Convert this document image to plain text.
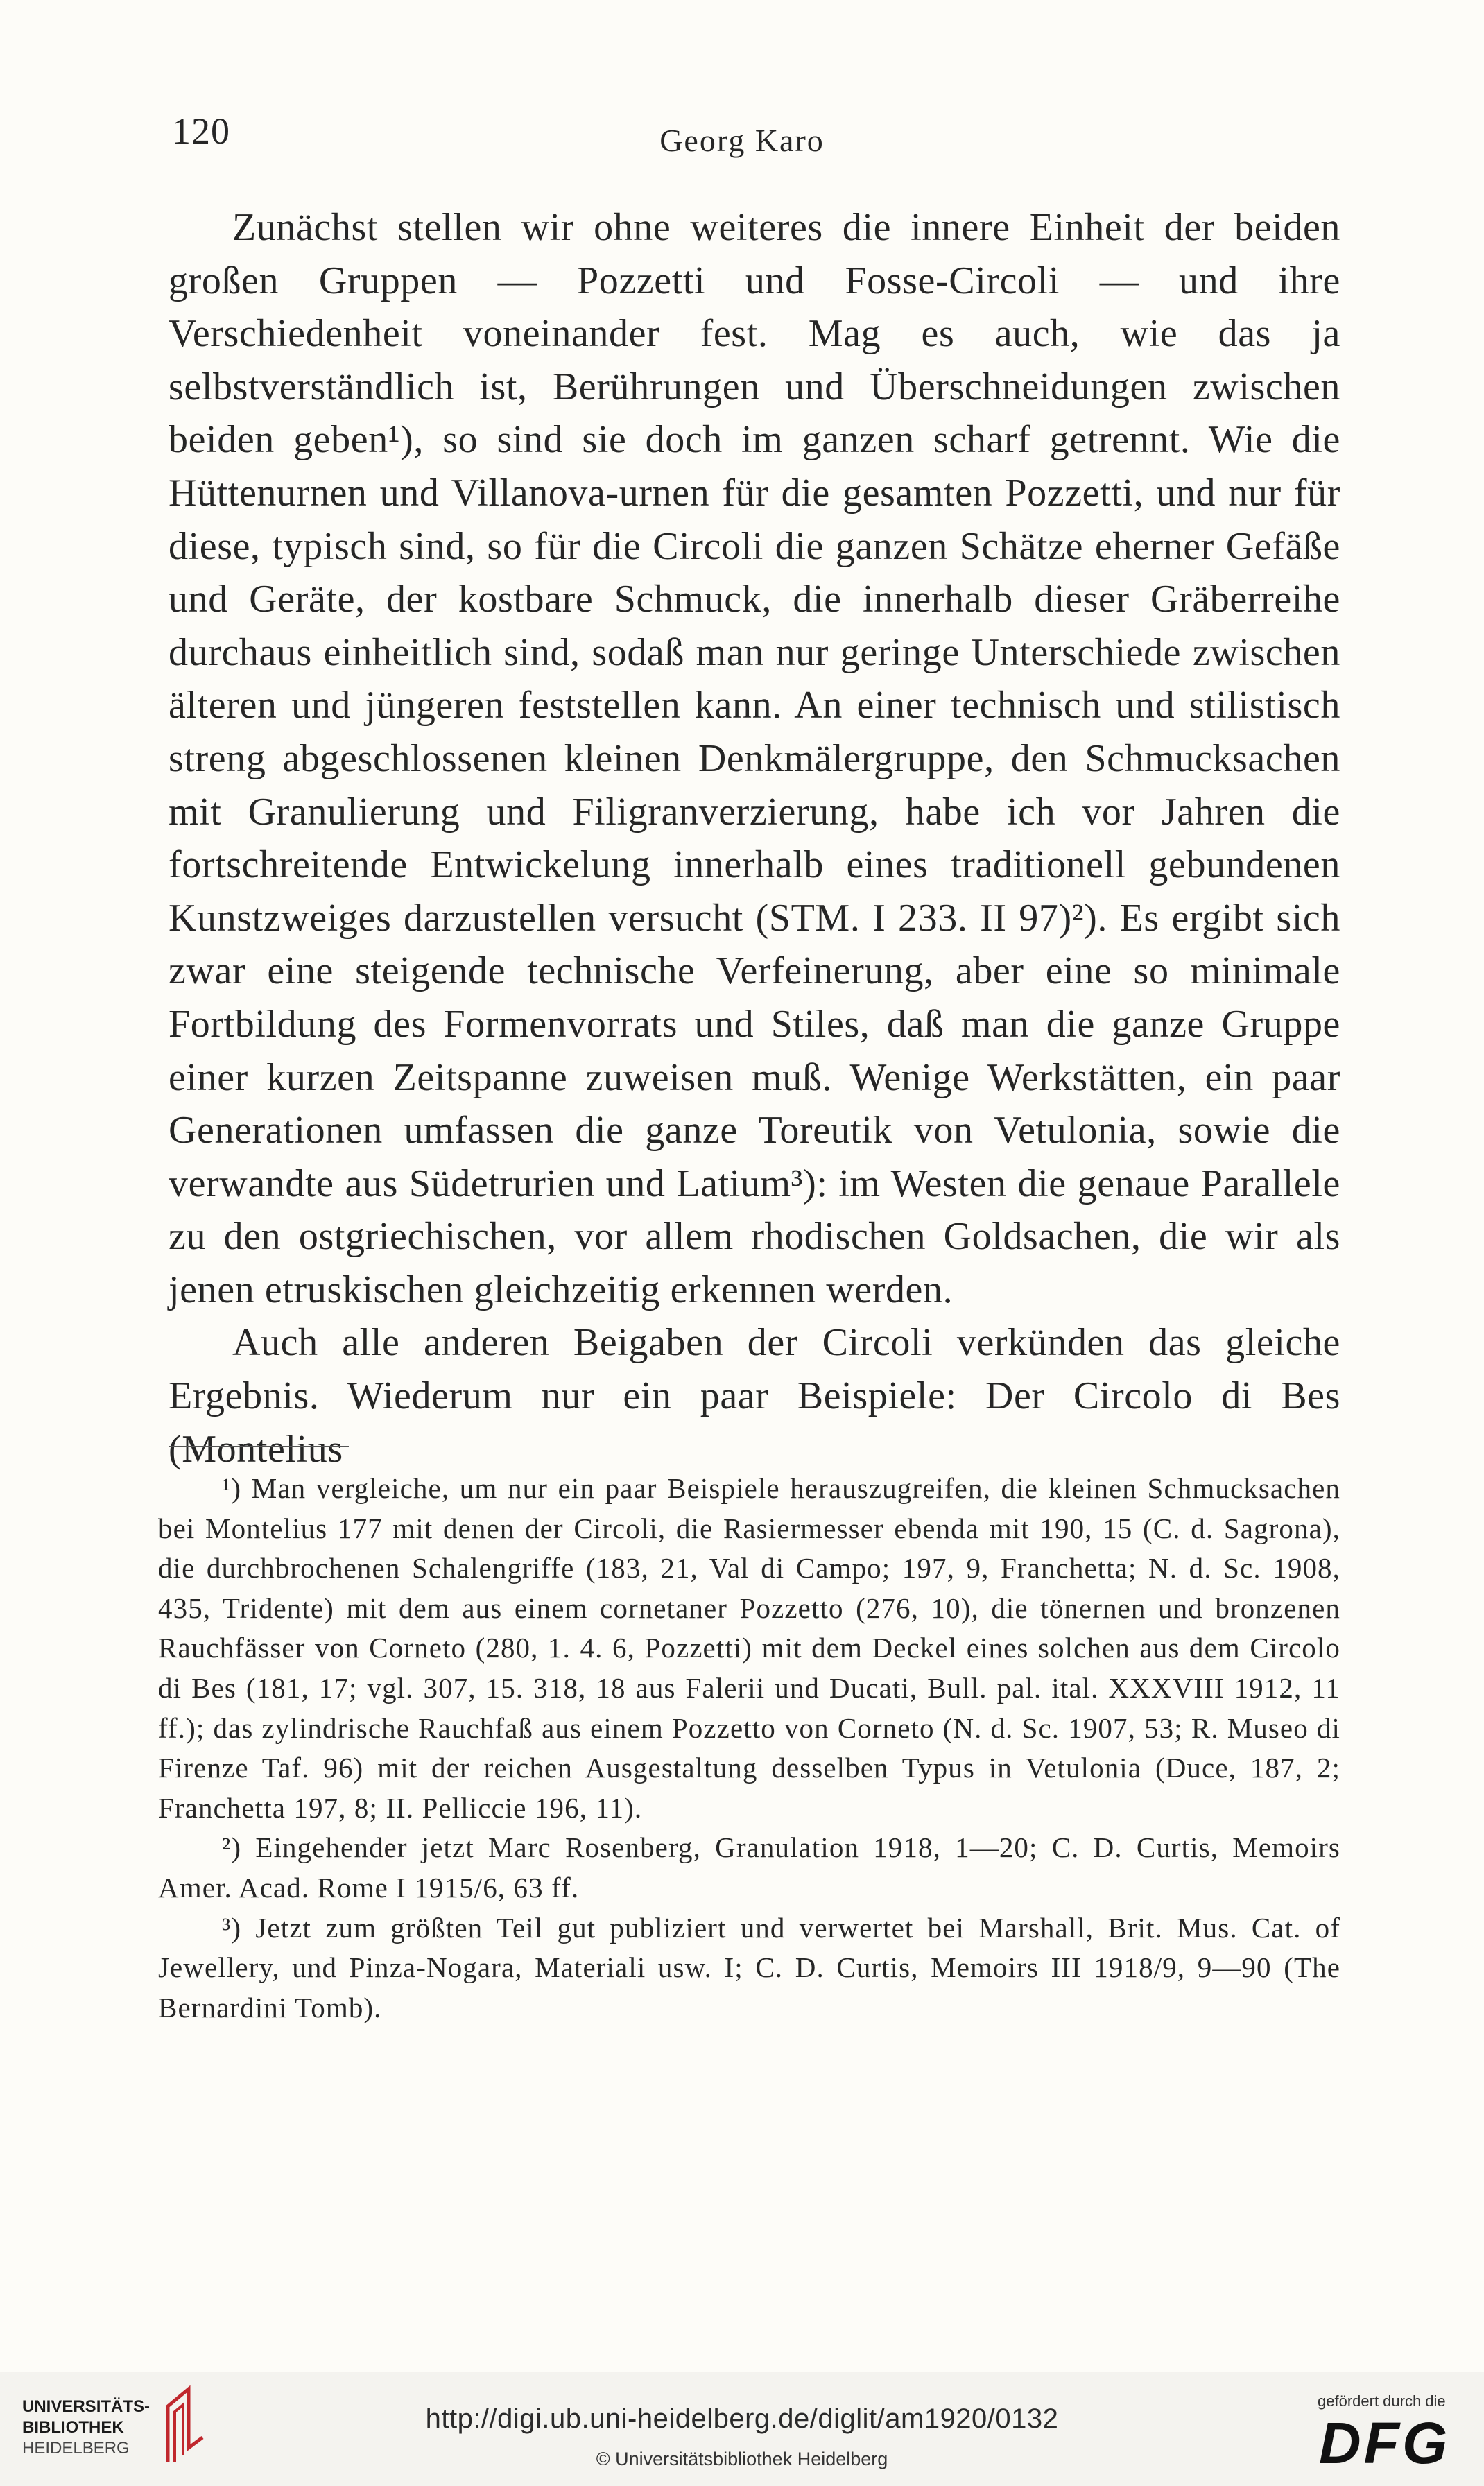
120	Georg Karo

Zunächst stellen wir ohne weiteres die innere Einheit der beiden großen Gruppen — Pozzetti und Fosse-Circoli — und ihre Verschiedenheit voneinander fest. Mag es auch, wie das ja selbstverständlich ist, Berührungen und Überschneidungen zwischen beiden geben¹), so sind sie doch im ganzen scharf getrennt. Wie die Hüttenurnen und Villanova-urnen für die gesamten Pozzetti, und nur für diese, typisch sind, so für die Circoli die ganzen Schätze eherner Gefäße und Geräte, der kostbare Schmuck, die innerhalb dieser Gräberreihe durchaus einheitlich sind, sodaß man nur geringe Unterschiede zwischen älteren und jüngeren feststellen kann. An einer technisch und stilistisch streng abgeschlossenen kleinen Denkmälergruppe, den Schmucksachen mit Granulierung und Filigranverzierung, habe ich vor Jahren die fortschreitende Entwickelung innerhalb eines traditionell gebundenen Kunstzweiges darzustellen versucht (STM. I 233. II 97)²). Es ergibt sich zwar eine steigende technische Verfeinerung, aber eine so minimale Fortbildung des Formenvorrats und Stiles, daß man die ganze Gruppe einer kurzen Zeitspanne zuweisen muß. Wenige Werkstätten, ein paar Generationen umfassen die ganze Toreutik von Vetulonia, sowie die verwandte aus Südetrurien und Latium³): im Westen die genaue Parallele zu den ostgriechischen, vor allem rhodischen Goldsachen, die wir als jenen etruskischen gleichzeitig erkennen werden.

Auch alle anderen Beigaben der Circoli verkünden das gleiche Ergebnis. Wiederum nur ein paar Beispiele: Der Circolo di Bes (Montelius

¹) Man vergleiche, um nur ein paar Beispiele herauszugreifen, die kleinen Schmucksachen bei Montelius 177 mit denen der Circoli, die Rasiermesser ebenda mit 190, 15 (C. d. Sagrona), die durchbrochenen Schalengriffe (183, 21, Val di Campo; 197, 9, Franchetta; N. d. Sc. 1908, 435, Tridente) mit dem aus einem cornetaner Pozzetto (276, 10), die tönernen und bronzenen Rauchfässer von Corneto (280, 1. 4. 6, Pozzetti) mit dem Deckel eines solchen aus dem Circolo di Bes (181, 17; vgl. 307, 15. 318, 18 aus Falerii und Ducati, Bull. pal. ital. XXXVIII 1912, 11 ff.); das zylindrische Rauchfaß aus einem Pozzetto von Corneto (N. d. Sc. 1907, 53; R. Museo di Firenze Taf. 96) mit der reichen Ausgestaltung desselben Typus in Vetulonia (Duce, 187, 2; Franchetta 197, 8; II. Pelliccie 196, 11).

²) Eingehender jetzt Marc Rosenberg, Granulation 1918, 1—20; C. D. Curtis, Memoirs Amer. Acad. Rome I 1915/6, 63 ff.

³) Jetzt zum größten Teil gut publiziert und verwertet bei Marshall, Brit. Mus. Cat. of Jewellery, und Pinza-Nogara, Materiali usw. I; C. D. Curtis, Memoirs III 1918/9, 9—90 (The Bernardini Tomb).

UNIVERSITÄTS-
BIBLIOTHEK
HEIDELBERG
http://digi.ub.uni-heidelberg.de/diglit/am1920/0132
© Universitätsbibliothek Heidelberg
gefördert durch die
DFG
